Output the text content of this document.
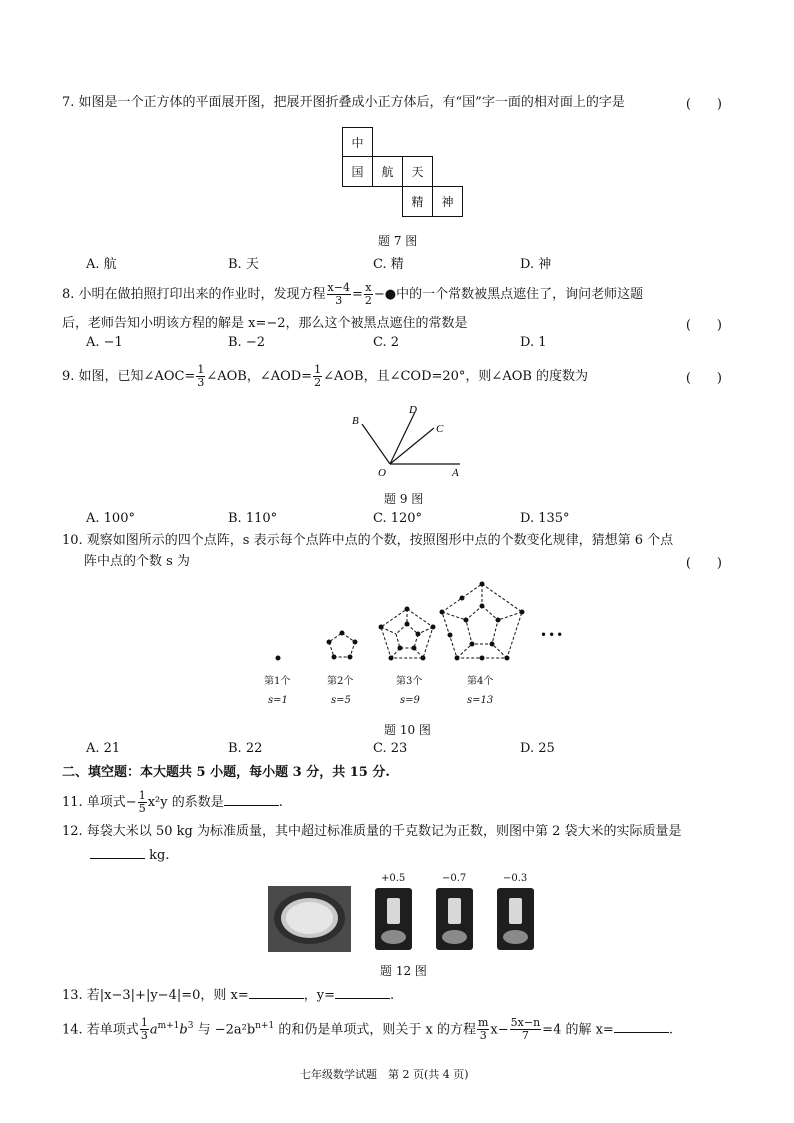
7. 如图是一个正方体的平面展开图，把展开图折叠成小正方体后，有“国”字一面的相对面上的字是	(　　)
中
国	航	天
精	神
题 7 图
A. 航	B. 天	C. 精	D. 神
8. 小明在做拍照打印出来的作业时，发现方程 $\frac{x-4}{3} = \frac{x}{2}$ −●中的一个常数被黑点遮住了，询问老师这题
后，老师告知小明该方程的解是 x=−2，那么这个被黑点遮住的常数是	(　　)
A. −1	B. −2	C. 2	D. 1
9. 如图，已知∠AOC= $\frac{1}{3}$ ∠AOB，∠AOD= $\frac{1}{2}$ ∠AOB，且∠COD=20°，则∠AOB 的度数为	(　　)
B
D
C
O	A
题 9 图
A. 100°	B. 110°	C. 120°	D. 135°
10. 观察如图所示的四个点阵，s 表示每个点阵中点的个数，按照图形中点的个数变化规律，猜想第 6 个点
阵中点的个数 s 为	(　　)
•••
第1个	第2个	第3个	第4个
s=1	s=5	s=9	s=13
题 10 图
A. 21	B. 22	C. 23	D. 25
二、填空题：本大题共 5 小题，每小题 3 分，共 15 分.
11. 单项式− $\frac{1}{5} x^2y$ 的系数是	.
12. 每袋大米以 50 kg 为标准质量，其中超过标准质量的千克数记为正数，则图中第 2 袋大米的实际质量是
kg.
+0.5	−0.7	−0.3
题 12 图
13. 若|x−3|+|y−4|=0，则 x=	，y=	.
14. 若单项式 $\frac{1}{3} a^{m+1}b^3$ 与 $-2a^2b^{n+1}$ 的和仍是单项式，则关于 x 的方程 $\frac{m}{3} x- \frac{5x-n}{7} =4$ 的解 x=	.
七年级数学试题　第 2 页(共 4 页)
